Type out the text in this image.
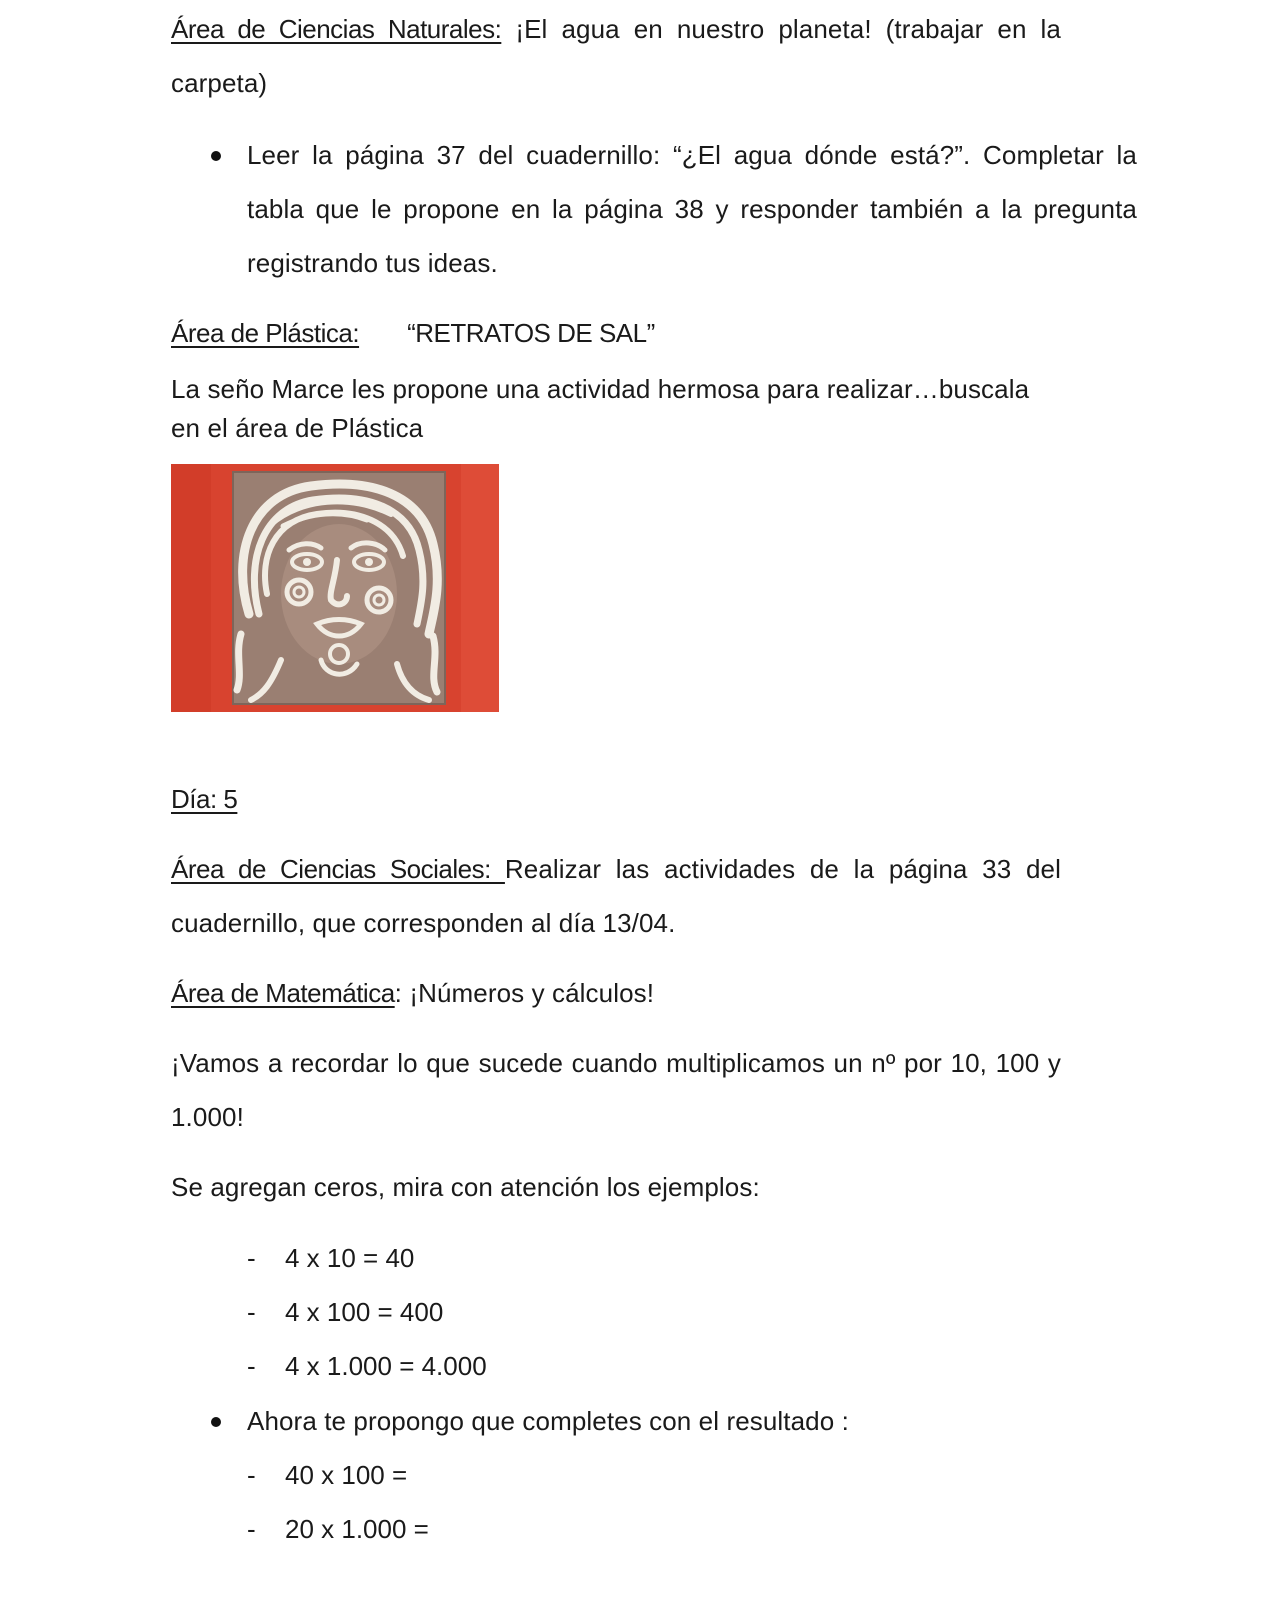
Área de Ciencias Naturales: ¡El agua en nuestro planeta! (trabajar en la carpeta)

Leer la página 37 del cuadernillo: “¿El agua dónde está?”. Completar la tabla que le propone en la página 38 y responder también a la pregunta registrando tus ideas.

Área de Plástica: “RETRATOS DE SAL”

La seño Marce les propone una actividad hermosa para realizar…buscala en el área de Plástica

Día: 5

Área de Ciencias Sociales: Realizar las actividades de la página 33 del cuadernillo, que corresponden al día 13/04.

Área de Matemática: ¡Números y cálculos!

¡Vamos a recordar lo que sucede cuando multiplicamos un nº por 10, 100 y 1.000!

Se agregan ceros, mira con atención los ejemplos:

- 4 x 10 = 40
- 4 x 100 = 400
- 4 x 1.000 = 4.000

Ahora te propongo que completes con el resultado :

- 40 x 100 =
- 20 x 1.000 =
